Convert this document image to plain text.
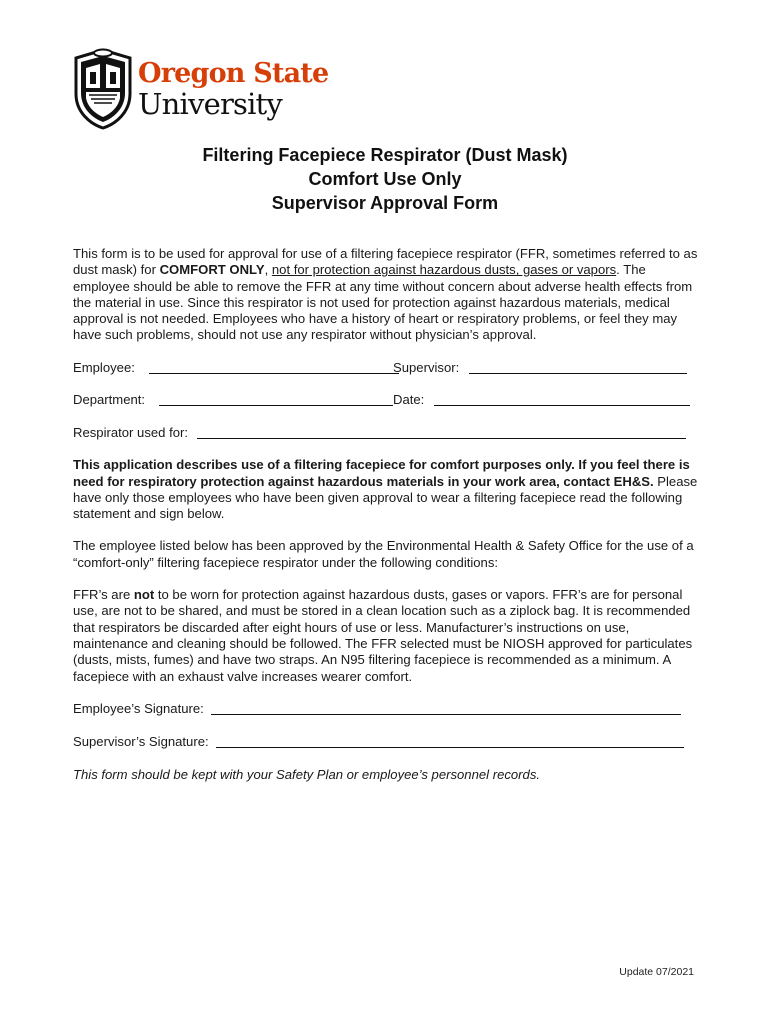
Oregon State
University
Filtering Facepiece Respirator (Dust Mask)
Comfort Use Only
Supervisor Approval Form

This form is to be used for approval for use of a filtering facepiece respirator (FFR, sometimes referred to as dust mask) for COMFORT ONLY, not for protection against hazardous dusts, gases or vapors. The employee should be able to remove the FFR at any time without concern about adverse health effects from the material in use. Since this respirator is not used for protection against hazardous materials, medical approval is not needed. Employees who have a history of heart or respiratory problems, or feel they may have such problems, should not use any respirator without physician’s approval.

Employee:	Supervisor:
Department:	Date:
Respirator used for:

This application describes use of a filtering facepiece for comfort purposes only. If you feel there is need for respiratory protection against hazardous materials in your work area, contact EH&S. Please have only those employees who have been given approval to wear a filtering facepiece read the following statement and sign below.

The employee listed below has been approved by the Environmental Health & Safety Office for the use of a “comfort-only” filtering facepiece respirator under the following conditions:

FFR’s are not to be worn for protection against hazardous dusts, gases or vapors. FFR’s are for personal use, are not to be shared, and must be stored in a clean location such as a ziplock bag. It is recommended that respirators be discarded after eight hours of use or less. Manufacturer’s instructions on use, maintenance and cleaning should be followed. The FFR selected must be NIOSH approved for particulates (dusts, mists, fumes) and have two straps. An N95 filtering facepiece is recommended as a minimum. A facepiece with an exhaust valve increases wearer comfort.

Employee’s Signature:
Supervisor’s Signature:

This form should be kept with your Safety Plan or employee’s personnel records.

Update 07/2021
